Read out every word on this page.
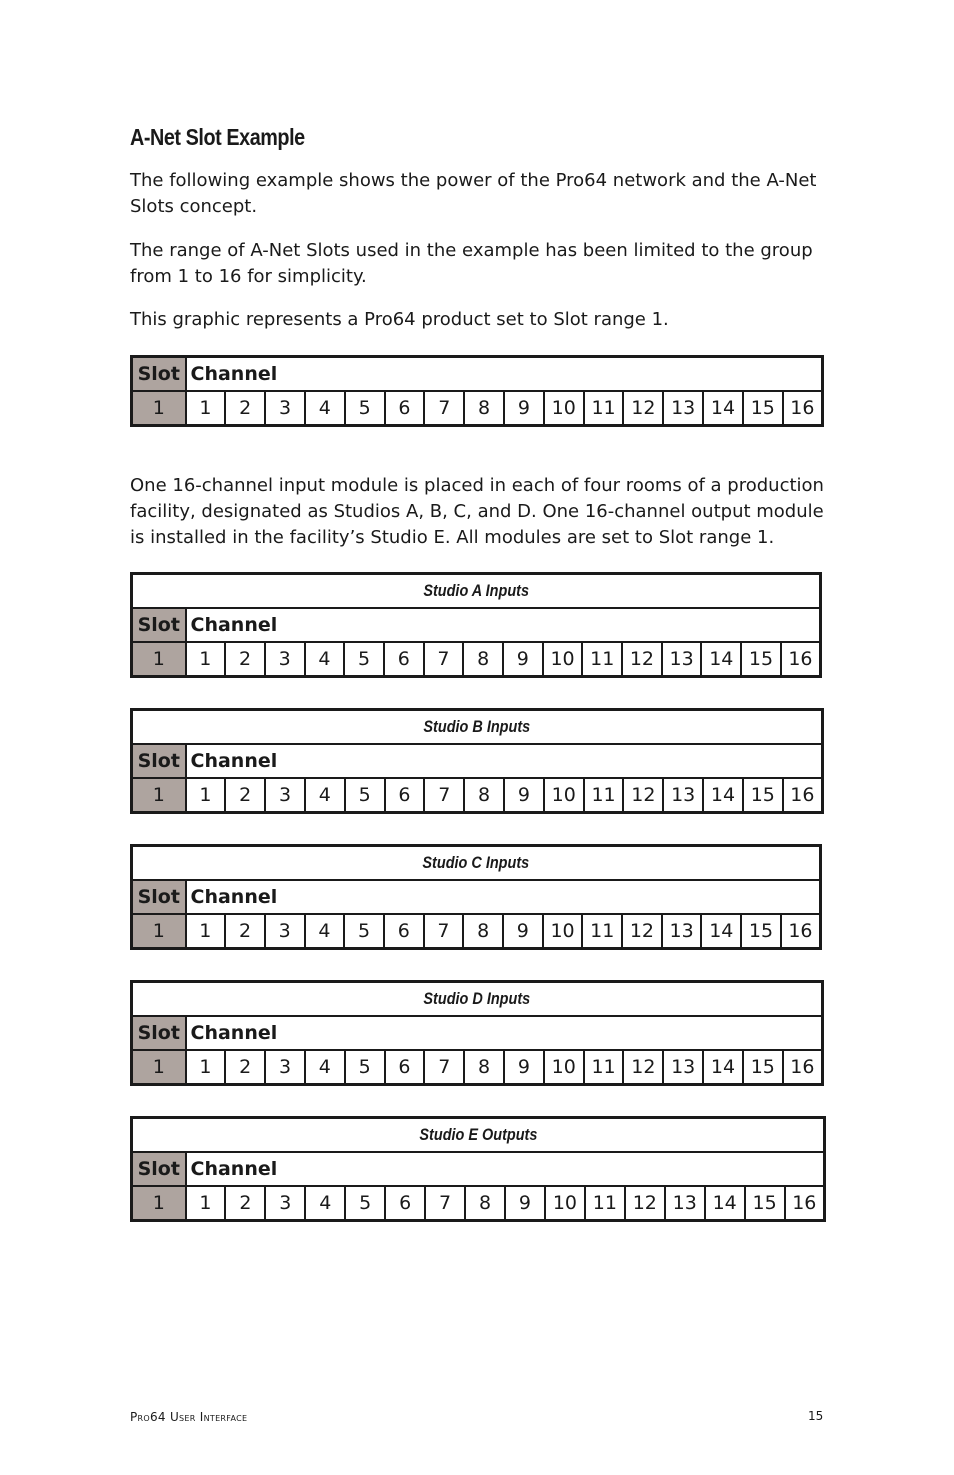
A-Net Slot Example

The following example shows the power of the Pro64 network and the A-Net Slots concept.

The range of A-Net Slots used in the example has been limited to the group from 1 to 16 for simplicity.

This graphic represents a Pro64 product set to Slot range 1.

Slot	Channel															
1	1	2	3	4	5	6	7	8	9	10	11	12	13	14	15	16

One 16-channel input module is placed in each of four rooms of a production facility, designated as Studios A, B, C, and D. One 16-channel output module is installed in the facility’s Studio E. All modules are set to Slot range 1.

Studio A Inputs																
Slot	Channel															
1	1	2	3	4	5	6	7	8	9	10	11	12	13	14	15	16
Studio B Inputs																
Slot	Channel															
1	1	2	3	4	5	6	7	8	9	10	11	12	13	14	15	16
Studio C Inputs																
Slot	Channel															
1	1	2	3	4	5	6	7	8	9	10	11	12	13	14	15	16
Studio D Inputs																
Slot	Channel															
1	1	2	3	4	5	6	7	8	9	10	11	12	13	14	15	16
Studio E Outputs																
Slot	Channel															
1	1	2	3	4	5	6	7	8	9	10	11	12	13	14	15	16
Pro64 User Interface	15
